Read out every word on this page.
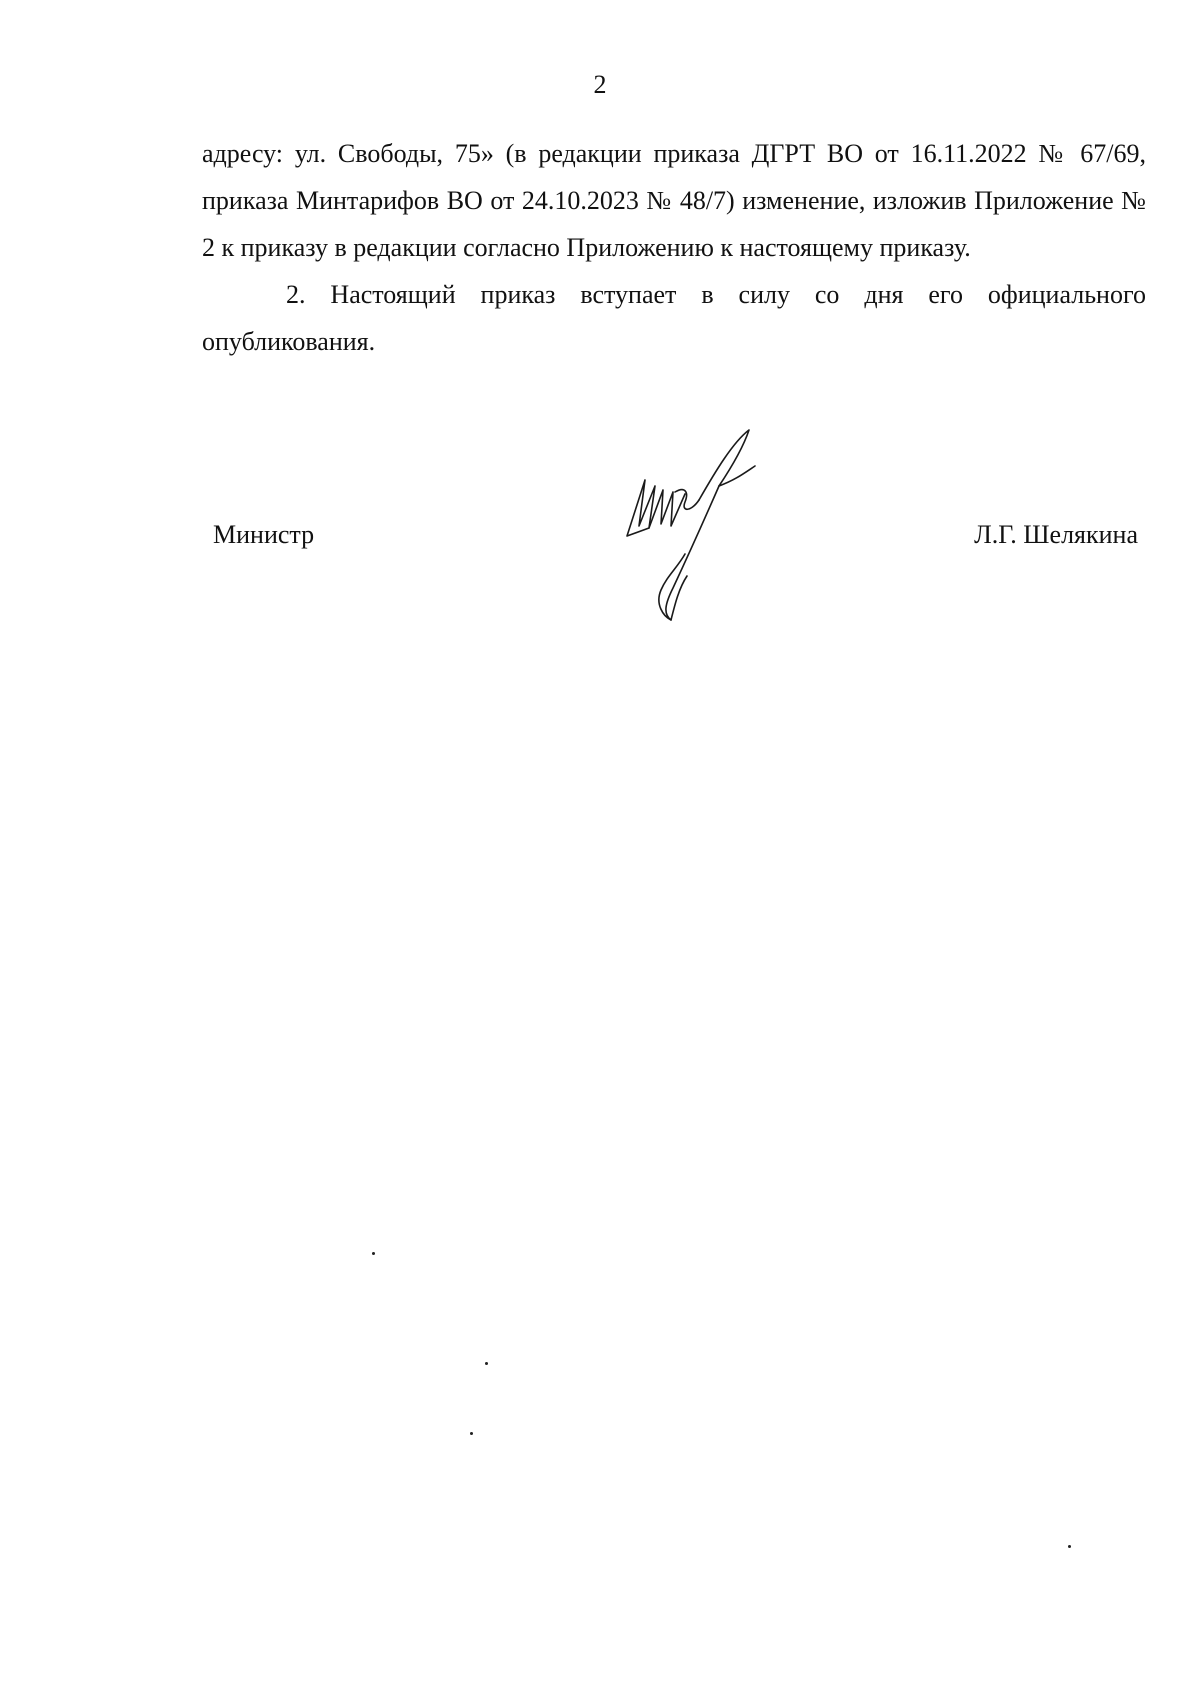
2

адресу: ул. Свободы, 75» (в редакции приказа ДГРТ ВО от 16.11.2022 № 67/69, приказа Минтарифов ВО от 24.10.2023 № 48/7) изменение, изложив Приложение № 2 к приказу в редакции согласно Приложению к настоящему приказу.

2. Настоящий приказ вступает в силу со дня его официального опубликования.

Министр	Л.Г. Шелякина
